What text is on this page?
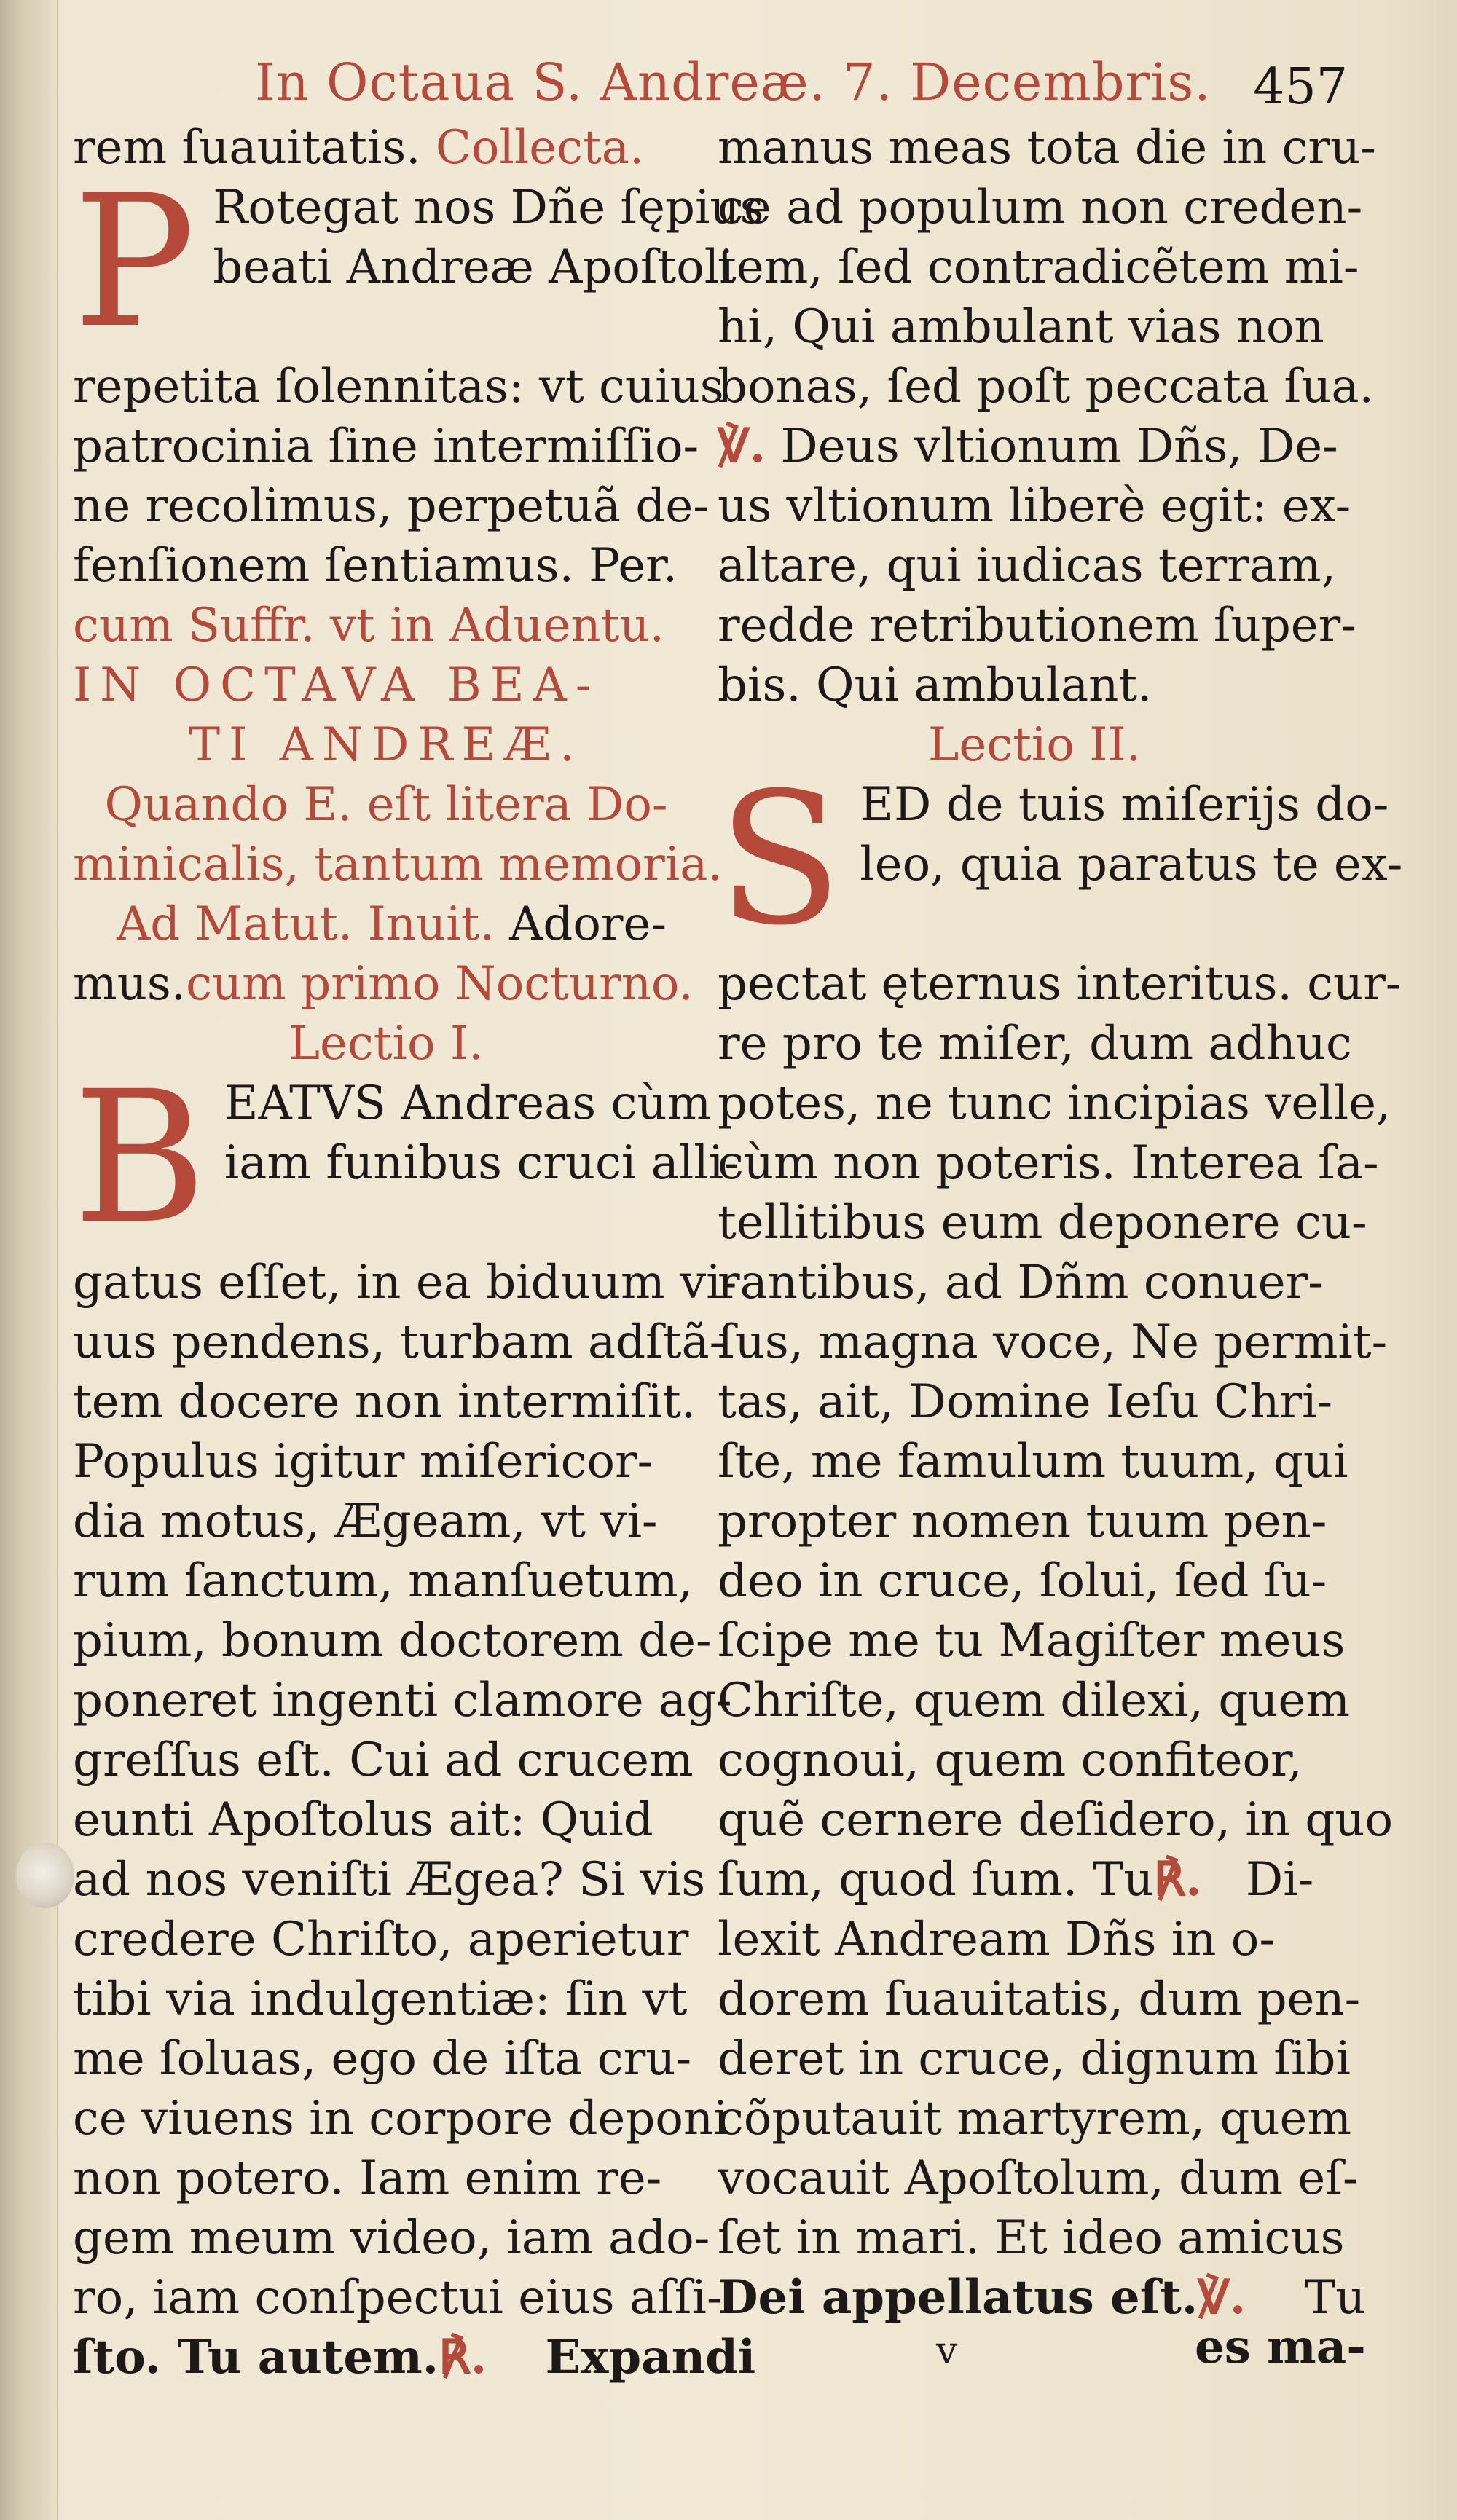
In Octaua S. Andreæ. 7. Decembris. 457
rem ſuauitatis. Collecta.
P Rotegat nos Dñe ſępius
beati Andreæ Apoſtoli
repetita ſolennitas: vt cuius
patrocinia ſine intermiſſio-
ne recolimus, perpetuã de-
fenſionem ſentiamus. Per.
cum Suffr. vt in Aduentu.
IN OCTAVA BEA-
TI ANDREÆ.
Quando E. eſt litera Do-
minicalis, tantum memoria.
Ad Matut. Inuit. Adore-
mus.cum primo Nocturno.
Lectio I.
B EATVS Andreas cùm
iam funibus cruci alli-
gatus eſſet, in ea biduum vi-
uus pendens, turbam adſtã-
tem docere non intermiſit.
Populus igitur miſericor-
dia motus, Ægeam, vt vi-
rum ſanctum, manſuetum,
pium, bonum doctorem de-
poneret ingenti clamore ag-
greſſus eſt. Cui ad crucem
eunti Apoſtolus ait: Quid
ad nos veniſti Ægea? Si vis
credere Chriſto, aperietur
tibi via indulgentiæ: ſin vt
me ſoluas, ego de iſta cru-
ce viuens in corpore deponi
non potero. Iam enim re-
gem meum video, iam ado-
ro, iam conſpectui eius aſſi-
ſto. Tu autem.℟. Expandi
manus meas tota die in cru-
ce ad populum non creden-
tem, ſed contradicẽtem mi-
hi, Qui ambulant vias non
bonas, ſed poſt peccata ſua.
℣. Deus vltionum Dñs, De-
us vltionum liberè egit: ex-
altare, qui iudicas terram,
redde retributionem ſuper-
bis. Qui ambulant.
Lectio II.
S ED de tuis miſerijs do-
leo, quia paratus te ex-
pectat ęternus interitus. cur-
re pro te miſer, dum adhuc
potes, ne tunc incipias velle,
cùm non poteris. Interea ſa-
tellitibus eum deponere cu-
rantibus, ad Dñm conuer-
ſus, magna voce, Ne permit-
tas, ait, Domine Ieſu Chri-
ſte, me famulum tuum, qui
propter nomen tuum pen-
deo in cruce, ſolui, ſed ſu-
ſcipe me tu Magiſter meus
Chriſte, quem dilexi, quem
cognoui, quem confiteor,
quẽ cernere deſidero, in quo
ſum, quod ſum. Tu℟. Di-
lexit Andream Dñs in o-
dorem ſuauitatis, dum pen-
deret in cruce, dignum ſibi
cõputauit martyrem, quem
vocauit Apoſtolum, dum eſ-
ſet in mari. Et ideo amicus
Dei appellatus eſt.℣. Tu
v	es ma-
